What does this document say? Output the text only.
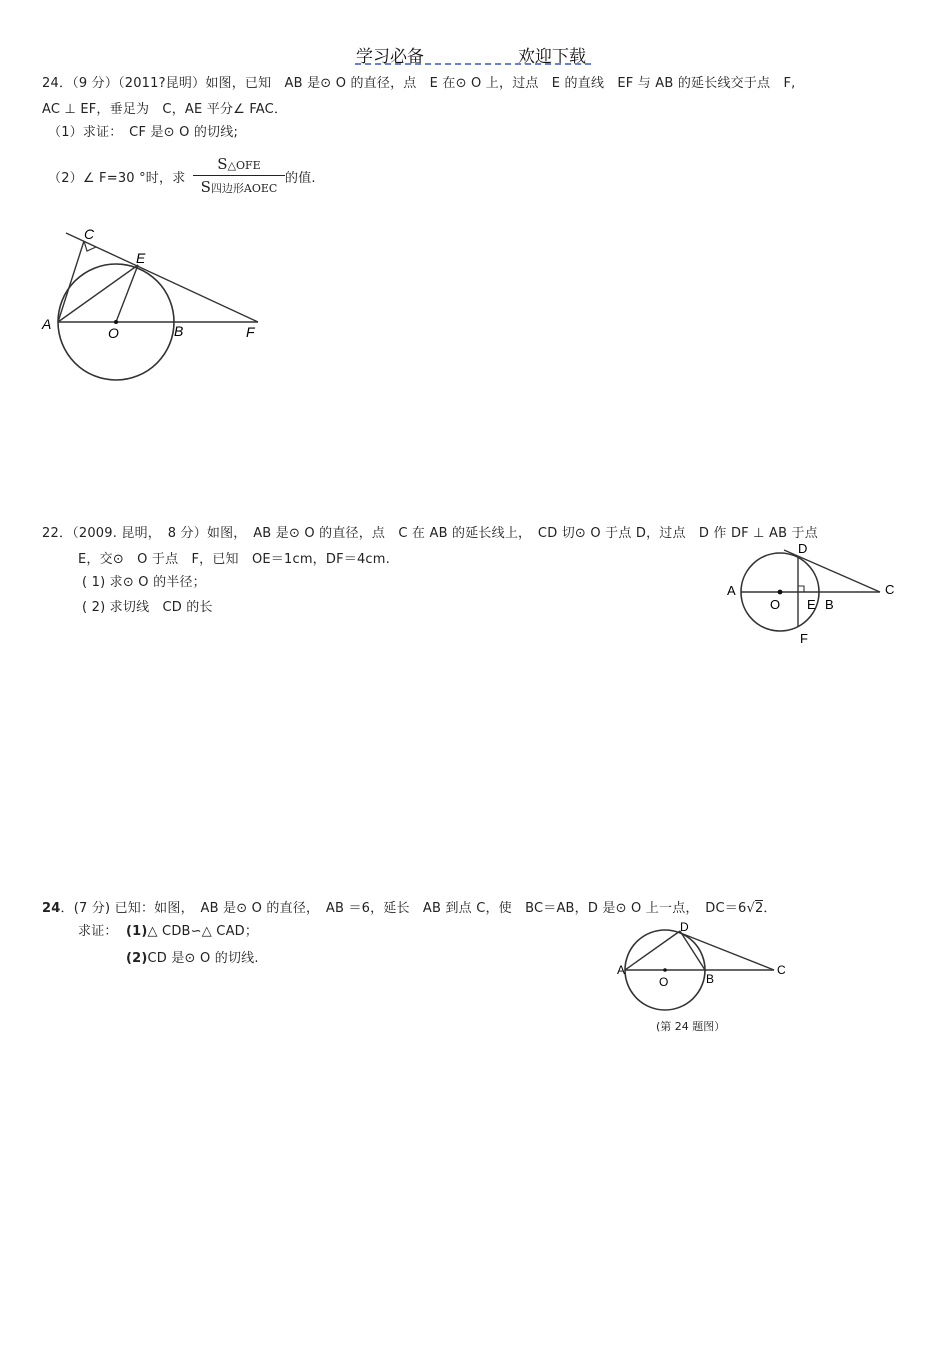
学习必备	欢迎下载
24．（9 分）（2011?昆明）如图，已知　AB 是⊙ O 的直径，点　E 在⊙ O 上，过点　E 的直线　EF 与 AB 的延长线交于点　F,
AC ⊥ EF，垂足为　C，AE 平分∠ FAC．
（1）求证：　CF 是⊙ O 的切线;
（2）∠ F=30 °时，求
S△OFE
S四边形AOEC
的值.
C
E
A
O	B	F
22．（2009. 昆明，　8 分）如图，　AB 是⊙ O 的直径，点　C 在 AB 的延长线上，　CD 切⊙ O 于点 D，过点　D 作 DF ⊥ AB 于点
E，交⊙　O 于点　F，已知　OE＝1cm，DF＝4cm.
( 1) 求⊙ O 的半径；
( 2) 求切线　CD 的长
D
A
O E B
C
F
24．(7 分) 已知：如图，　AB 是⊙ O 的直径，　AB ＝6，延长　AB 到点 C，使　BC＝AB，D 是⊙ O 上一点，　DC＝6√2．
求证： (1)△ CDB∽△ CAD；
(2)CD 是⊙ O 的切线.
D
A
O	B
C
(第 24 题图）
